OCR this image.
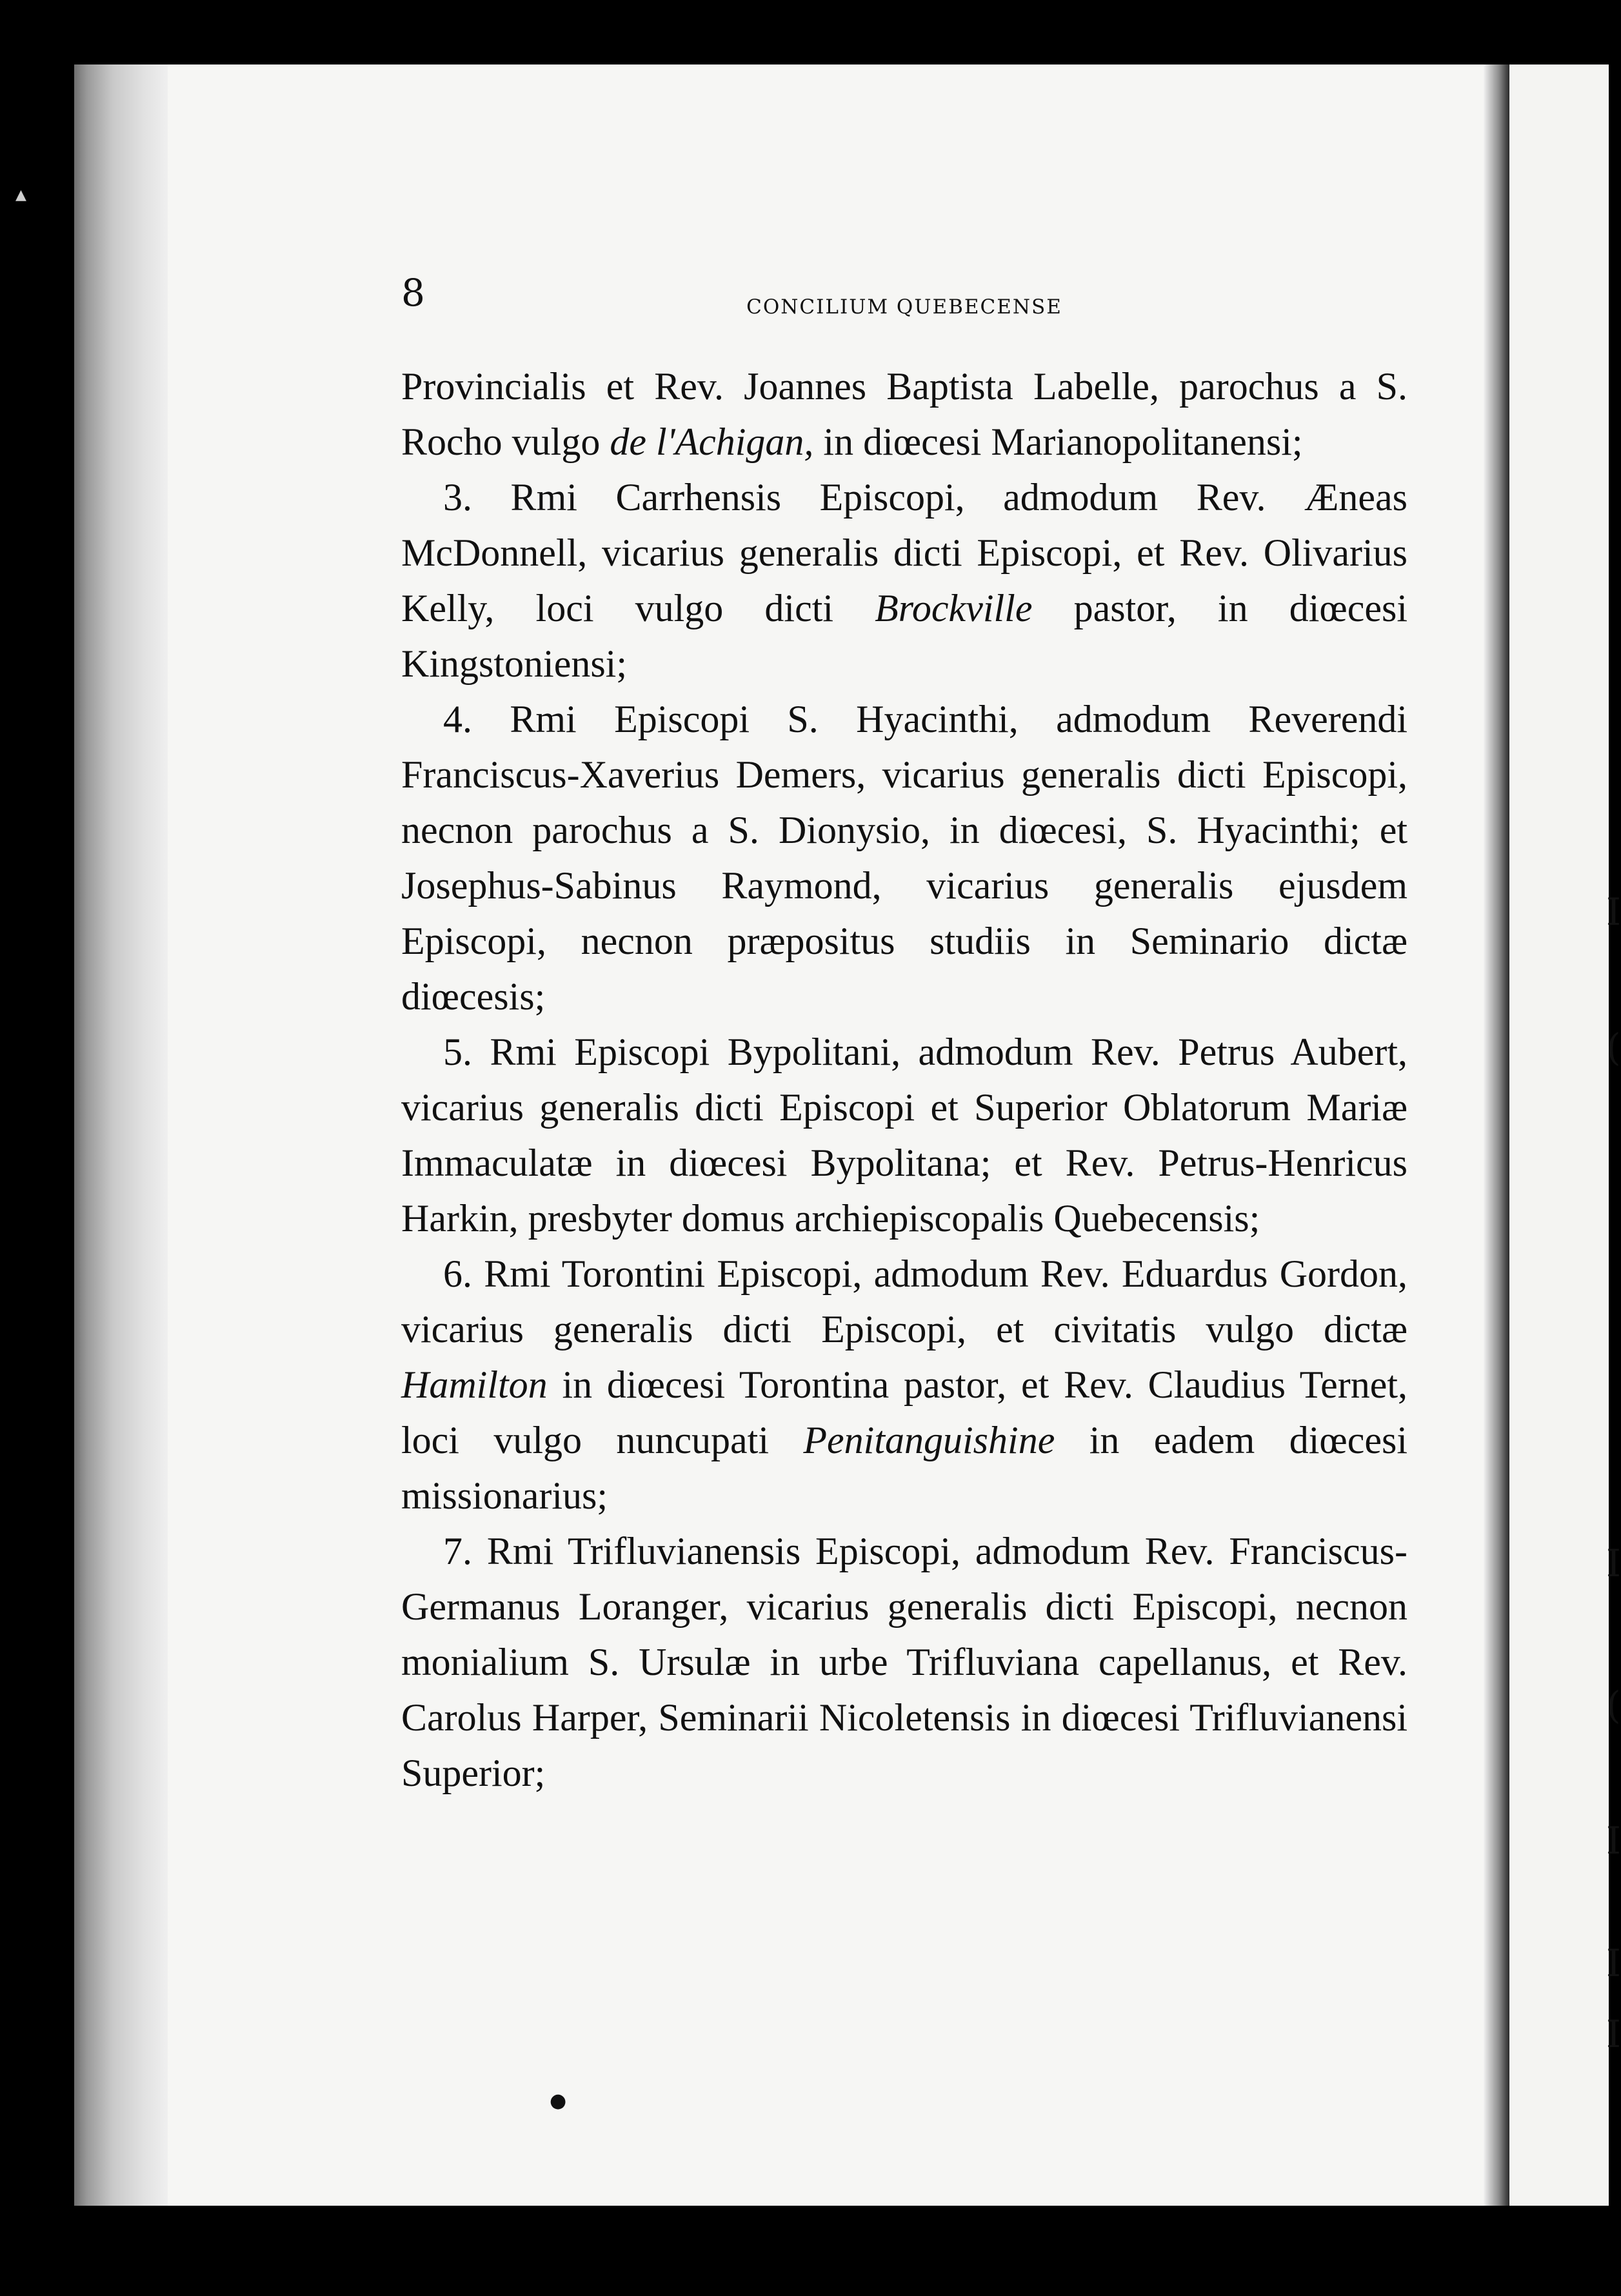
I
(
I
(
I
I
I
8	CONCILIUM QUEBECENSE

Provincialis et Rev. Joannes Baptista Labelle, parochus a S. Rocho vulgo de l'Achigan, in diœcesi Marianopolitanensi;

3. Rmi Carrhensis Episcopi, admodum Rev. Æneas McDonnell, vicarius generalis dicti Episcopi, et Rev. Olivarius Kelly, loci vulgo dicti Brockville pastor, in diœcesi Kingstoniensi;

4. Rmi Episcopi S. Hyacinthi, admodum Reverendi Franciscus-Xaverius Demers, vicarius generalis dicti Episcopi, necnon parochus a S. Dionysio, in diœcesi, S. Hyacinthi; et Josephus-Sabinus Raymond, vicarius generalis ejusdem Episcopi, necnon præpositus studiis in Seminario dictæ diœcesis;

5. Rmi Episcopi Bypolitani, admodum Rev. Petrus Aubert, vicarius generalis dicti Episcopi et Superior Oblatorum Mariæ Immaculatæ in diœcesi Bypolitana; et Rev. Petrus-Henricus Harkin, presbyter domus archiepiscopalis Quebecensis;

6. Rmi Torontini Episcopi, admodum Rev. Eduardus Gordon, vicarius generalis dicti Episcopi, et civitatis vulgo dictæ Hamilton in diœcesi Torontina pastor, et Rev. Claudius Ternet, loci vulgo nuncupati Penitanguishine in eadem diœcesi missionarius;

7. Rmi Trifluvianensis Episcopi, admodum Rev. Franciscus-Germanus Loranger, vicarius generalis dicti Episcopi, necnon monialium S. Ursulæ in urbe Trifluviana capellanus, et Rev. Carolus Harper, Seminarii Nicoletensis in diœcesi Trifluvianensi Superior;

●
▲
